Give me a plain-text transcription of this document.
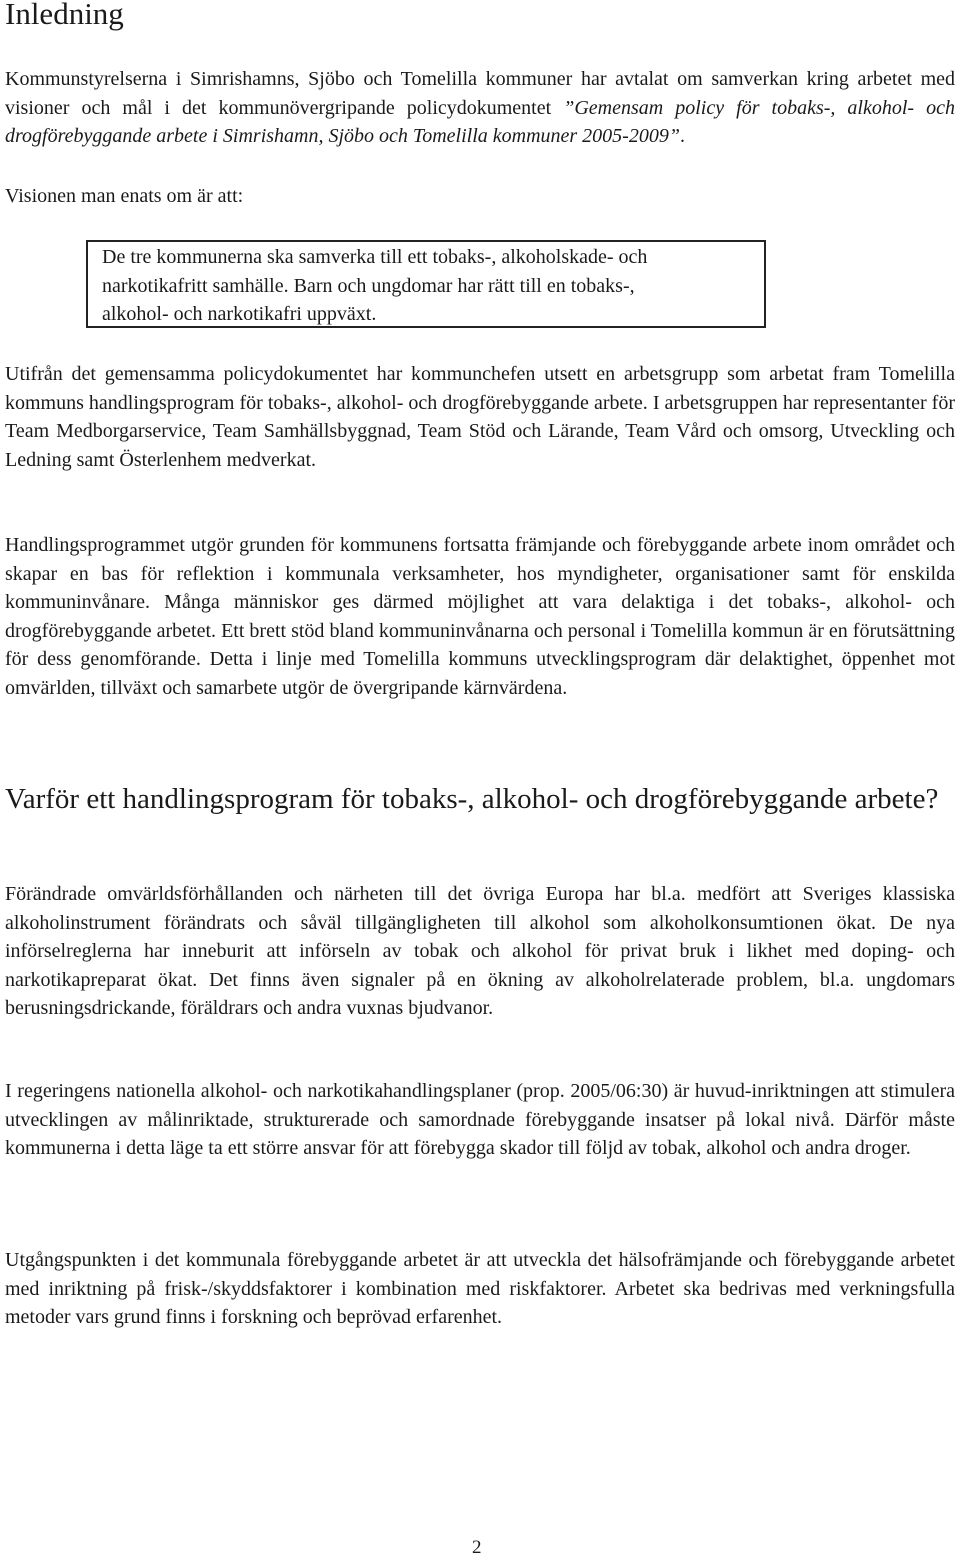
Inledning

Kommunstyrelserna i Simrishamns, Sjöbo och Tomelilla kommuner har avtalat om samverkan kring arbetet med visioner och mål i det kommunövergripande policydokumentet ”Gemensam policy för tobaks-, alkohol- och drogförebyggande arbete i Simrishamn, Sjöbo och Tomelilla kommuner 2005-2009”.

Visionen man enats om är att:

De tre kommunerna ska samverka till ett tobaks-, alkoholskade- och
narkotikafritt samhälle. Barn och ungdomar har rätt till en tobaks-,
alkohol- och narkotikafri uppväxt.

Utifrån det gemensamma policydokumentet har kommunchefen utsett en arbetsgrupp som arbetat fram Tomelilla kommuns handlingsprogram för tobaks-, alkohol- och drogförebyggande arbete. I arbetsgruppen har representanter för Team Medborgarservice, Team Samhällsbyggnad, Team Stöd och Lärande, Team Vård och omsorg, Utveckling och Ledning samt Österlenhem medverkat.

Handlingsprogrammet utgör grunden för kommunens fortsatta främjande och förebyggande arbete inom området och skapar en bas för reflektion i kommunala verksamheter, hos myndigheter, organisationer samt för enskilda kommuninvånare. Många människor ges därmed möjlighet att vara delaktiga i det tobaks-, alkohol- och drogförebyggande arbetet. Ett brett stöd bland kommuninvånarna och personal i Tomelilla kommun är en förutsättning för dess genomförande. Detta i linje med Tomelilla kommuns utvecklingsprogram där delaktighet, öppenhet mot omvärlden, tillväxt och samarbete utgör de övergripande kärnvärdena.

Varför ett handlingsprogram för tobaks-, alkohol- och drogförebyggande arbete?

Förändrade omvärldsförhållanden och närheten till det övriga Europa har bl.a. medfört att Sveriges klassiska alkoholinstrument förändrats och såväl tillgängligheten till alkohol som alkoholkonsumtionen ökat. De nya införselreglerna har inneburit att införseln av tobak och alkohol för privat bruk i likhet med doping- och narkotikapreparat ökat. Det finns även signaler på en ökning av alkoholrelaterade problem, bl.a. ungdomars berusningsdrickande, föräldrars och andra vuxnas bjudvanor.

I regeringens nationella alkohol- och narkotikahandlingsplaner (prop. 2005/06:30) är huvud-inriktningen att stimulera utvecklingen av målinriktade, strukturerade och samordnade förebyggande insatser på lokal nivå. Därför måste kommunerna i detta läge ta ett större ansvar för att förebygga skador till följd av tobak, alkohol och andra droger.

Utgångspunkten i det kommunala förebyggande arbetet är att utveckla det hälsofrämjande och förebyggande arbetet med inriktning på frisk-/skyddsfaktorer i kombination med riskfaktorer. Arbetet ska bedrivas med verkningsfulla metoder vars grund finns i forskning och beprövad erfarenhet.

2
